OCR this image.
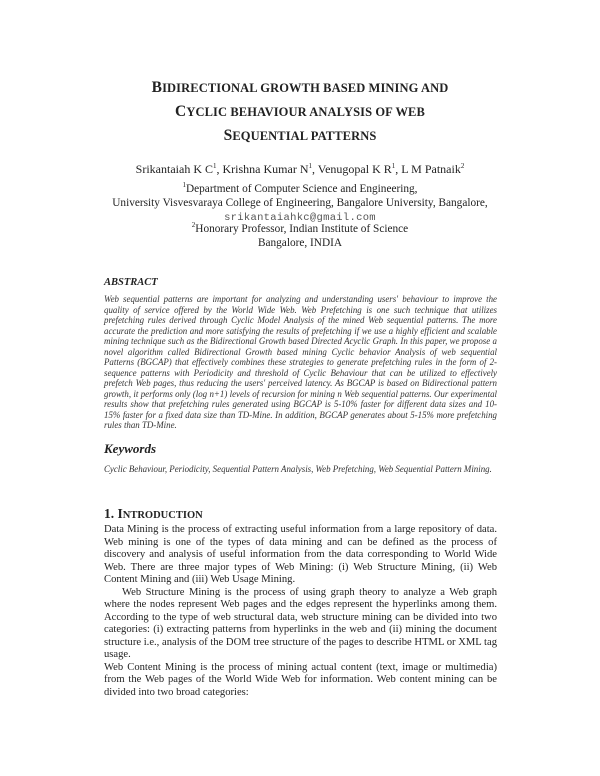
BIDIRECTIONAL GROWTH BASED MINING AND
CYCLIC BEHAVIOUR ANALYSIS OF WEB
SEQUENTIAL PATTERNS
Srikantaiah K $C^1$, Krishna Kumar $N^1$, Venugopal K $R^1$, L M Patnaik$^2$
$^1$Department of Computer Science and Engineering,
University Visvesvaraya College of Engineering, Bangalore University, Bangalore,
srikantaiahkc@gmail.com
$^2$Honorary Professor, Indian Institute of Science
Bangalore, INDIA
ABSTRACT
Web sequential patterns are important for analyzing and understanding users' behaviour to improve the quality of service offered by the World Wide Web. Web Prefetching is one such technique that utilizes prefetching rules derived through Cyclic Model Analysis of the mined Web sequential patterns. The more accurate the prediction and more satisfying the results of prefetching if we use a highly efficient and scalable mining technique such as the Bidirectional Growth based Directed Acyclic Graph. In this paper, we propose a novel algorithm called Bidirectional Growth based mining Cyclic behavior Analysis of web sequential Patterns (BGCAP) that effectively combines these strategies to generate prefetching rules in the form of 2-sequence patterns with Periodicity and threshold of Cyclic Behaviour that can be utilized to effectively prefetch Web pages, thus reducing the users' perceived latency. As BGCAP is based on Bidirectional pattern growth, it performs only (log n+1) levels of recursion for mining n Web sequential patterns. Our experimental results show that prefetching rules generated using BGCAP is 5-10% faster for different data sizes and 10-15% faster for a fixed data size than TD-Mine. In addition, BGCAP generates about 5-15% more prefetching rules than TD-Mine.
Keywords
Cyclic Behaviour, Periodicity, Sequential Pattern Analysis, Web Prefetching, Web Sequential Pattern Mining.
1. INTRODUCTION

Data Mining is the process of extracting useful information from a large repository of data. Web mining is one of the types of data mining and can be defined as the process of discovery and analysis of useful information from the data corresponding to World Wide Web. There are three major types of Web Mining: (i) Web Structure Mining, (ii) Web Content Mining and (iii) Web Usage Mining.

Web Structure Mining is the process of using graph theory to analyze a Web graph where the nodes represent Web pages and the edges represent the hyperlinks among them. According to the type of web structural data, web structure mining can be divided into two categories: (i) extracting patterns from hyperlinks in the web and (ii) mining the document structure i.e., analysis of the DOM tree structure of the pages to describe HTML or XML tag usage.

Web Content Mining is the process of mining actual content (text, image or multimedia) from the Web pages of the World Wide Web for information. Web content mining can be divided into two broad categories:
